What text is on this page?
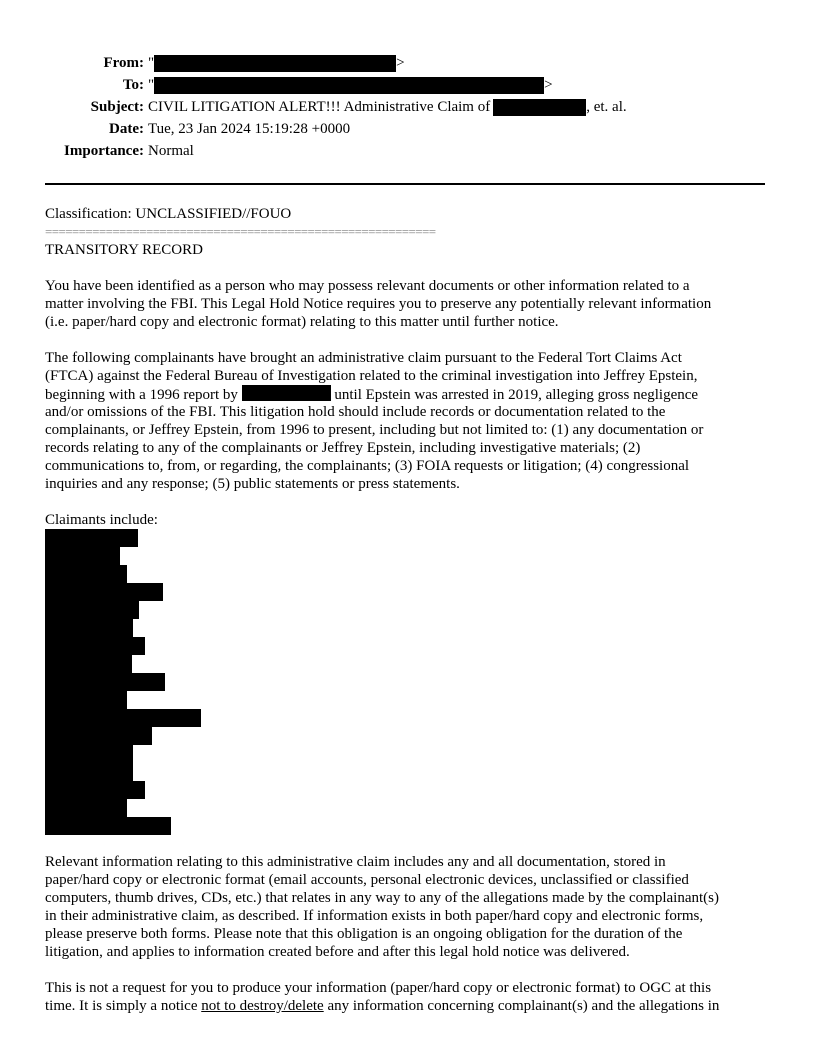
From: "	>
To: "	>
Subject: CIVIL LITIGATION ALERT!!! Administrative Claim of	, et. al.
Date: Tue, 23 Jan 2024 15:19:28 +0000
Importance: Normal
Classification: UNCLASSIFIED//FOUO
==========================================================
TRANSITORY RECORD
You have been identified as a person who may possess relevant documents or other information related to a
matter involving the FBI. This Legal Hold Notice requires you to preserve any potentially relevant information
(i.e. paper/hard copy and electronic format) relating to this matter until further notice.
The following complainants have brought an administrative claim pursuant to the Federal Tort Claims Act
(FTCA) against the Federal Bureau of Investigation related to the criminal investigation into Jeffrey Epstein,
beginning with a 1996 report by	until Epstein was arrested in 2019, alleging gross negligence
and/or omissions of the FBI. This litigation hold should include records or documentation related to the
complainants, or Jeffrey Epstein, from 1996 to present, including but not limited to: (1) any documentation or
records relating to any of the complainants or Jeffrey Epstein, including investigative materials; (2)
communications to, from, or regarding, the complainants; (3) FOIA requests or litigation; (4) congressional
inquiries and any response; (5) public statements or press statements.
Claimants include:
Relevant information relating to this administrative claim includes any and all documentation, stored in
paper/hard copy or electronic format (email accounts, personal electronic devices, unclassified or classified
computers, thumb drives, CDs, etc.) that relates in any way to any of the allegations made by the complainant(s)
in their administrative claim, as described. If information exists in both paper/hard copy and electronic forms,
please preserve both forms. Please note that this obligation is an ongoing obligation for the duration of the
litigation, and applies to information created before and after this legal hold notice was delivered.
This is not a request for you to produce your information (paper/hard copy or electronic format) to OGC at this
time. It is simply a notice not to destroy/delete any information concerning complainant(s) and the allegations in
